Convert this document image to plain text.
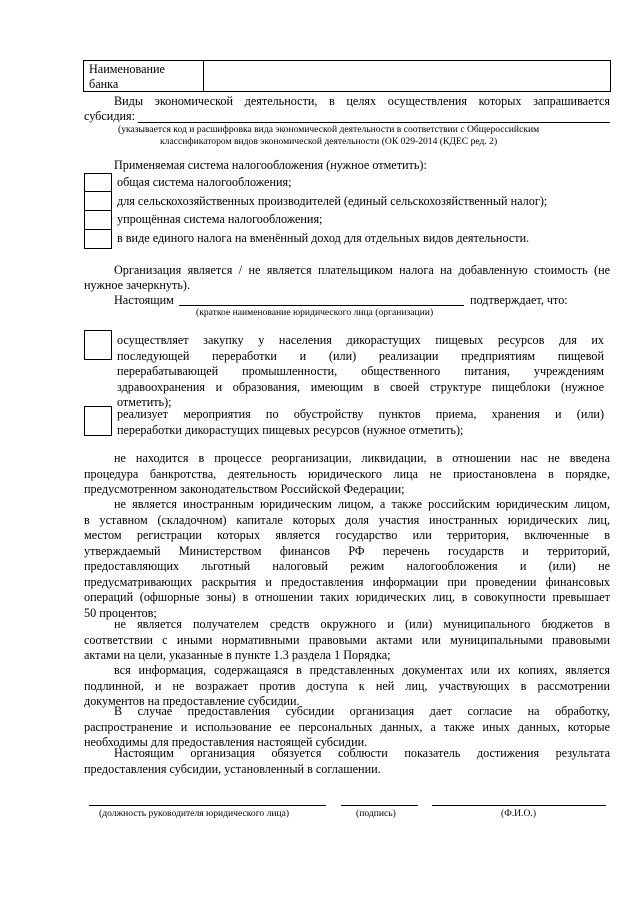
Наименование
банка
Виды экономической деятельности, в целях осуществления которых запрашивается
субсидия:
(указывается код и расшифровка вида экономической деятельности в соответствии с Общероссийским
классификатором видов экономической деятельности (ОК 029-2014 (КДЕС ред. 2)
Применяемая система налогообложения (нужное отметить):
общая система налогообложения;
для сельскохозяйственных производителей (единый сельскохозяйственный налог);
упрощённая система налогообложения;
в виде единого налога на вменённый доход для отдельных видов деятельности.
Организация является / не является плательщиком налога на добавленную стоимость (не
нужное зачеркнуть).
Настоящим	подтверждает, что:
(краткое наименование юридического лица (организации)
осуществляет закупку у населения дикорастущих пищевых ресурсов для их
последующей переработки и (или) реализации предприятиям пищевой
перерабатывающей промышленности, общественного питания, учреждениям
здравоохранения и образования, имеющим в своей структуре пищеблоки (нужное
отметить);
реализует мероприятия по обустройству пунктов приема, хранения и (или)
переработки дикорастущих пищевых ресурсов (нужное отметить);
не находится в процессе реорганизации, ликвидации, в отношении нас не введена
процедура банкротства, деятельность юридического лица не приостановлена в порядке,
предусмотренном законодательством Российской Федерации;
не является иностранным юридическим лицом, а также российским юридическим лицом,
в уставном (складочном) капитале которых доля участия иностранных юридических лиц,
местом регистрации которых является государство или территория, включенные в
утверждаемый Министерством финансов РФ перечень государств и территорий,
предоставляющих льготный налоговый режим налогообложения и (или) не
предусматривающих раскрытия и предоставления информации при проведении финансовых
операций (офшорные зоны) в отношении таких юридических лиц, в совокупности превышает
50 процентов;
не является получателем средств окружного и (или) муниципального бюджетов в
соответствии с иными нормативными правовыми актами или муниципальными правовыми
актами на цели, указанные в пункте 1.3 раздела 1 Порядка;
вся информация, содержащаяся в представленных документах или их копиях, является
подлинной, и не возражает против доступа к ней лиц, участвующих в рассмотрении
документов на предоставление субсидии.
В случае предоставления субсидии организация дает согласие на обработку,
распространение и использование ее персональных данных, а также иных данных, которые
необходимы для предоставления настоящей субсидии.
Настоящим организация обязуется соблюсти показатель достижения результата
предоставления субсидии, установленный в соглашении.
(должность руководителя юридического лица)	(подпись)	(Ф.И.О.)
